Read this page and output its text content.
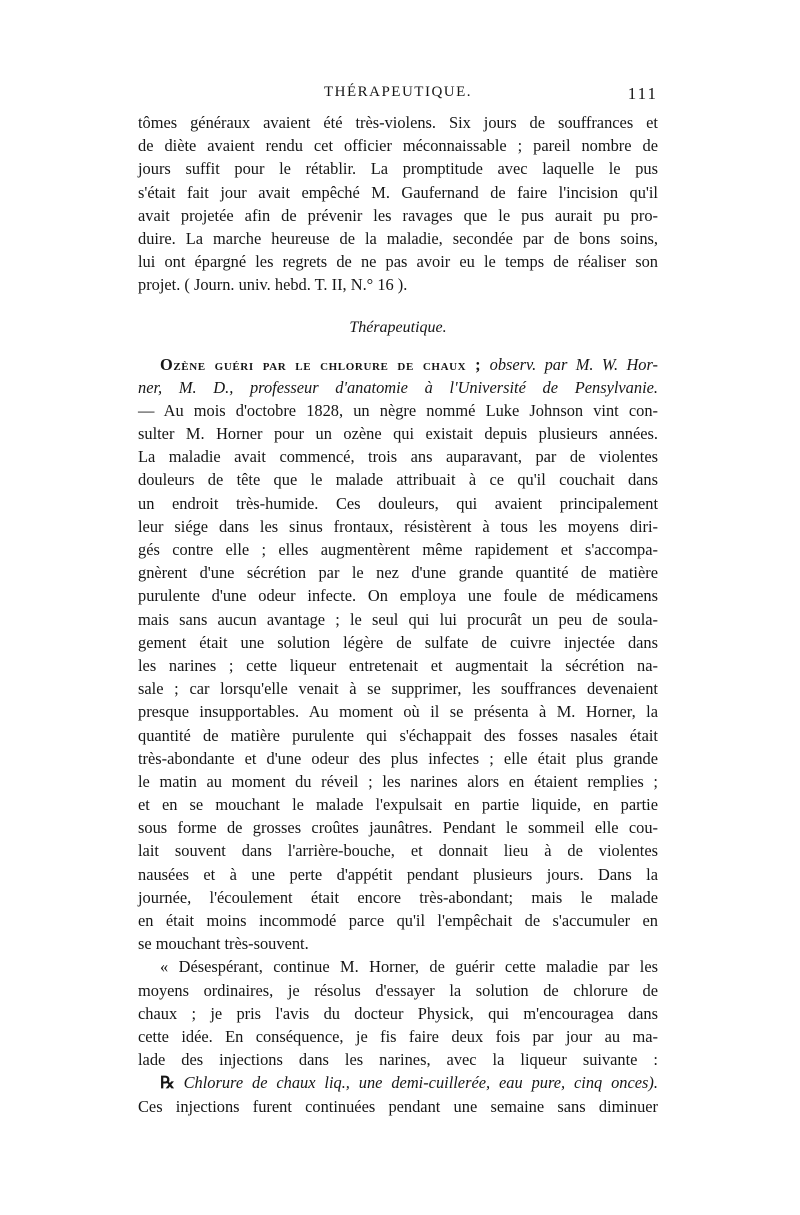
THÉRAPEUTIQUE.	111
tômes généraux avaient été très-violens. Six jours de souffrances et
de diète avaient rendu cet officier méconnaissable ; pareil nombre de
jours suffit pour le rétablir. La promptitude avec laquelle le pus
s'était fait jour avait empêché M. Gaufernand de faire l'incision qu'il
avait projetée afin de prévenir les ravages que le pus aurait pu pro-
duire. La marche heureuse de la maladie, secondée par de bons soins,
lui ont épargné les regrets de ne pas avoir eu le temps de réaliser son
projet. ( Journ. univ. hebd. T. II, N.° 16 ).
Thérapeutique.
Ozène guéri par le chlorure de chaux ; observ. par M. W. Hor-
ner, M. D., professeur d'anatomie à l'Université de Pensylvanie.
— Au mois d'octobre 1828, un nègre nommé Luke Johnson vint con-
sulter M. Horner pour un ozène qui existait depuis plusieurs années.
La maladie avait commencé, trois ans auparavant, par de violentes
douleurs de tête que le malade attribuait à ce qu'il couchait dans
un endroit très-humide. Ces douleurs, qui avaient principalement
leur siége dans les sinus frontaux, résistèrent à tous les moyens diri-
gés contre elle ; elles augmentèrent même rapidement et s'accompa-
gnèrent d'une sécrétion par le nez d'une grande quantité de matière
purulente d'une odeur infecte. On employa une foule de médicamens
mais sans aucun avantage ; le seul qui lui procurât un peu de soula-
gement était une solution légère de sulfate de cuivre injectée dans
les narines ; cette liqueur entretenait et augmentait la sécrétion na-
sale ; car lorsqu'elle venait à se supprimer, les souffrances devenaient
presque insupportables. Au moment où il se présenta à M. Horner, la
quantité de matière purulente qui s'échappait des fosses nasales était
très-abondante et d'une odeur des plus infectes ; elle était plus grande
le matin au moment du réveil ; les narines alors en étaient remplies ;
et en se mouchant le malade l'expulsait en partie liquide, en partie
sous forme de grosses croûtes jaunâtres. Pendant le sommeil elle cou-
lait souvent dans l'arrière-bouche, et donnait lieu à de violentes
nausées et à une perte d'appétit pendant plusieurs jours. Dans la
journée, l'écoulement était encore très-abondant; mais le malade
en était moins incommodé parce qu'il l'empêchait de s'accumuler en
se mouchant très-souvent.
« Désespérant, continue M. Horner, de guérir cette maladie par les
moyens ordinaires, je résolus d'essayer la solution de chlorure de
chaux ; je pris l'avis du docteur Physick, qui m'encouragea dans
cette idée. En conséquence, je fis faire deux fois par jour au ma-
lade des injections dans les narines, avec la liqueur suivante :
℞ Chlorure de chaux liq., une demi-cuillerée, eau pure, cinq onces).
Ces injections furent continuées pendant une semaine sans diminuer
